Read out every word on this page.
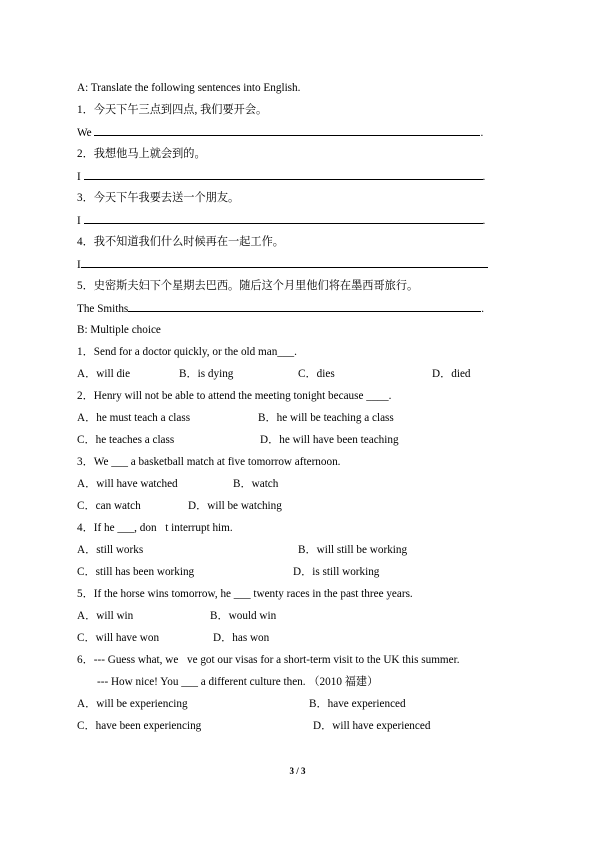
A: Translate the following sentences into English.
1．今天下午三点到四点, 我们要开会。
We	.
2．我想他马上就会到的。
I	.
3．今天下午我要去送一个朋友。
I	.
4．我不知道我们什么时候再在一起工作。
I
5．史密斯夫妇下个星期去巴西。随后这个月里他们将在墨西哥旅行。
The Smiths	.
B: Multiple choice
1．Send for a doctor quickly, or the old man___.
A．will die	B．is dying	C．dies	D．died
2．Henry will not be able to attend the meeting tonight because ____.
A．he must teach a class	B．he will be teaching a class
C．he teaches a class	D．he will have been teaching
3．We ___ a basketball match at five tomorrow afternoon.
A．will have watched	B．watch
C．can watch	D．will be watching
4．If he ___, don t interrupt him.
A．still works	B．will still be working
C．still has been working	D．is still working
5．If the horse wins tomorrow, he ___ twenty races in the past three years.
A．will win	B．would win
C．will have won	D．has won
6．--- Guess what, we ve got our visas for a short-term visit to the UK this summer.
--- How nice! You ___ a different culture then. （2010 福建）
A．will be experiencing	B．have experienced
C．have been experiencing	D．will have experienced
3 / 3
